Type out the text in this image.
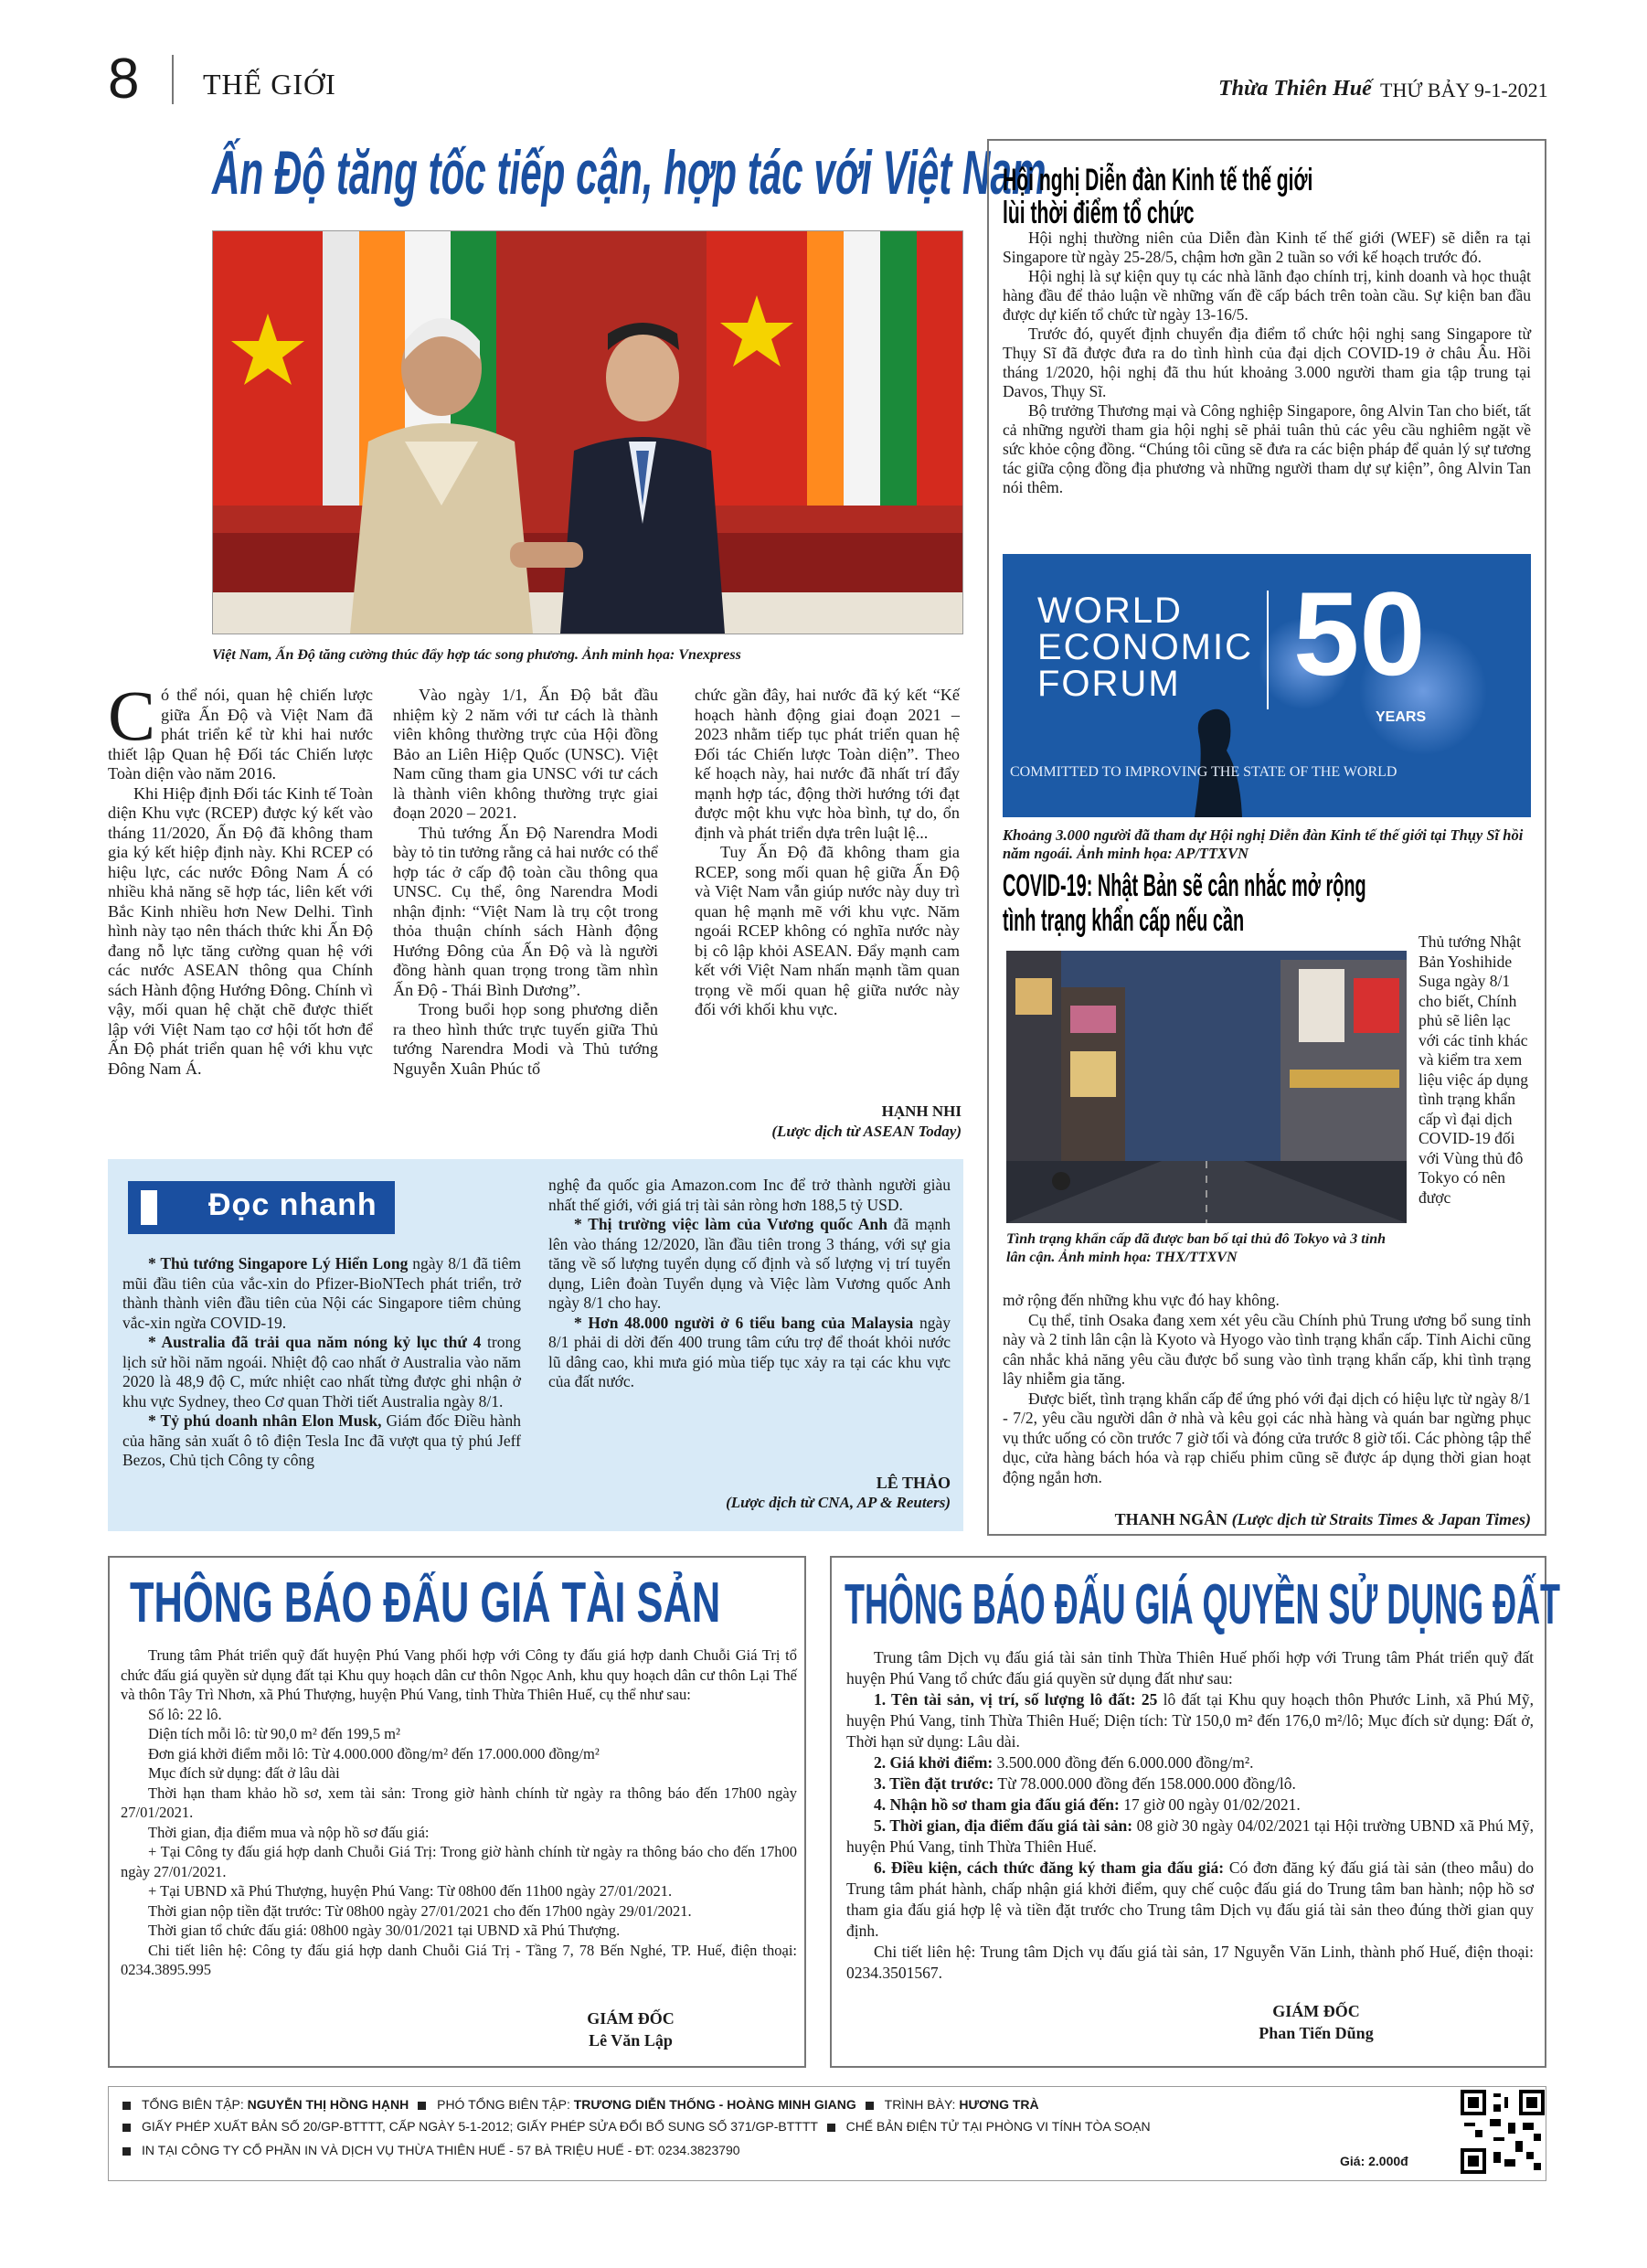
8 THẾ GIỚI	Thừa Thiên Huế THỨ BẢY 9-1-2021
Ấn Độ tăng tốc tiếp cận, hợp tác với Việt Nam
Việt Nam, Ấn Độ tăng cường thúc đẩy hợp tác song phương. Ảnh minh họa: Vnexpress

Có thể nói, quan hệ chiến lược giữa Ấn Độ và Việt Nam đã phát triển kể từ khi hai nước thiết lập Quan hệ Đối tác Chiến lược Toàn diện vào năm 2016.

Khi Hiệp định Đối tác Kinh tế Toàn diện Khu vực (RCEP) được ký kết vào tháng 11/2020, Ấn Độ đã không tham gia ký kết hiệp định này. Khi RCEP có hiệu lực, các nước Đông Nam Á có nhiều khả năng sẽ hợp tác, liên kết với Bắc Kinh nhiều hơn New Delhi. Tình hình này tạo nên thách thức khi Ấn Độ đang nỗ lực tăng cường quan hệ với các nước ASEAN thông qua Chính sách Hành động Hướng Đông. Chính vì vậy, mối quan hệ chặt chẽ được thiết lập với Việt Nam tạo cơ hội tốt hơn để Ấn Độ phát triển quan hệ với khu vực Đông Nam Á.

Vào ngày 1/1, Ấn Độ bắt đầu nhiệm kỳ 2 năm với tư cách là thành viên không thường trực của Hội đồng Bảo an Liên Hiệp Quốc (UNSC). Việt Nam cũng tham gia UNSC với tư cách là thành viên không thường trực giai đoạn 2020 – 2021.

Thủ tướng Ấn Độ Narendra Modi bày tỏ tin tưởng rằng cả hai nước có thể hợp tác ở cấp độ toàn cầu thông qua UNSC. Cụ thể, ông Narendra Modi nhận định: “Việt Nam là trụ cột trong thỏa thuận chính sách Hành động Hướng Đông của Ấn Độ và là người đồng hành quan trọng trong tầm nhìn Ấn Độ - Thái Bình Dương”.

Trong buổi họp song phương diễn ra theo hình thức trực tuyến giữa Thủ tướng Narendra Modi và Thủ tướng Nguyễn Xuân Phúc tổ

chức gần đây, hai nước đã ký kết “Kế hoạch hành động giai đoạn 2021 – 2023 nhằm tiếp tục phát triển quan hệ Đối tác Chiến lược Toàn diện”. Theo kế hoạch này, hai nước đã nhất trí đẩy mạnh hợp tác, động thời hướng tới đạt được một khu vực hòa bình, tự do, ổn định và phát triển dựa trên luật lệ...

Tuy Ấn Độ đã không tham gia RCEP, song mối quan hệ giữa Ấn Độ và Việt Nam vẫn giúp nước này duy trì quan hệ mạnh mẽ với khu vực. Năm ngoái RCEP không có nghĩa nước này bị cô lập khỏi ASEAN. Đẩy mạnh cam kết với Việt Nam nhấn mạnh tầm quan trọng về mối quan hệ giữa nước này đối với khối khu vực.

HẠNH NHI
(Lược dịch từ ASEAN Today)
Đọc nhanh

* Thủ tướng Singapore Lý Hiển Long ngày 8/1 đã tiêm mũi đầu tiên của vắc-xin do Pfizer-BioNTech phát triển, trở thành thành viên đầu tiên của Nội các Singapore tiêm chủng vắc-xin ngừa COVID-19.

* Australia đã trải qua năm nóng kỷ lục thứ 4 trong lịch sử hồi năm ngoái. Nhiệt độ cao nhất ở Australia vào năm 2020 là 48,9 độ C, mức nhiệt cao nhất từng được ghi nhận ở khu vực Sydney, theo Cơ quan Thời tiết Australia ngày 8/1.

* Tỷ phú doanh nhân Elon Musk, Giám đốc Điều hành của hãng sản xuất ô tô điện Tesla Inc đã vượt qua tỷ phú Jeff Bezos, Chủ tịch Công ty công

nghệ đa quốc gia Amazon.com Inc để trở thành người giàu nhất thế giới, với giá trị tài sản ròng hơn 188,5 tỷ USD.

* Thị trường việc làm của Vương quốc Anh đã mạnh lên vào tháng 12/2020, lần đầu tiên trong 3 tháng, với sự gia tăng về số lượng tuyển dụng cố định và số lượng vị trí tuyển dụng, Liên đoàn Tuyển dụng và Việc làm Vương quốc Anh ngày 8/1 cho hay.

* Hơn 48.000 người ở 6 tiểu bang của Malaysia ngày 8/1 phải di dời đến 400 trung tâm cứu trợ để thoát khỏi nước lũ dâng cao, khi mưa gió mùa tiếp tục xảy ra tại các khu vực của đất nước.

LÊ THẢO
(Lược dịch từ CNA, AP & Reuters)
Hội nghị Diễn đàn Kinh tế thế giới
lùi thời điểm tổ chức

Hội nghị thường niên của Diễn đàn Kinh tế thế giới (WEF) sẽ diễn ra tại Singapore từ ngày 25-28/5, chậm hơn gần 2 tuần so với kế hoạch trước đó.

Hội nghị là sự kiện quy tụ các nhà lãnh đạo chính trị, kinh doanh và học thuật hàng đầu để thảo luận về những vấn đề cấp bách trên toàn cầu. Sự kiện ban đầu được dự kiến tổ chức từ ngày 13-16/5.

Trước đó, quyết định chuyển địa điểm tổ chức hội nghị sang Singapore từ Thụy Sĩ đã được đưa ra do tình hình của đại dịch COVID-19 ở châu Âu. Hồi tháng 1/2020, hội nghị đã thu hút khoảng 3.000 người tham gia tập trung tại Davos, Thụy Sĩ.

Bộ trưởng Thương mại và Công nghiệp Singapore, ông Alvin Tan cho biết, tất cả những người tham gia hội nghị sẽ phải tuân thủ các yêu cầu nghiêm ngặt về sức khỏe cộng đồng. “Chúng tôi cũng sẽ đưa ra các biện pháp để quản lý sự tương tác giữa cộng đồng địa phương và những người tham dự sự kiện”, ông Alvin Tan nói thêm.

WORLD
ECONOMIC
FORUM 50
YEARS
COMMITTED TO IMPROVING THE STATE OF THE WORLD
Khoảng 3.000 người đã tham dự Hội nghị Diễn đàn Kinh tế thế giới tại Thụy Sĩ hồi năm ngoái. Ảnh minh họa: AP/TTXVN
COVID-19: Nhật Bản sẽ cân nhắc mở rộng
tình trạng khẩn cấp nếu cần
Tình trạng khẩn cấp đã được ban bố tại thủ đô Tokyo và 3 tỉnh lân cận. Ảnh minh họa: THX/TTXVN
Thủ tướng Nhật Bản Yoshihide Suga ngày 8/1 cho biết, Chính phủ sẽ liên lạc với các tỉnh khác và kiểm tra xem liệu việc áp dụng tình trạng khẩn cấp vì đại dịch COVID-19 đối với Vùng thủ đô Tokyo có nên được

mở rộng đến những khu vực đó hay không.

Cụ thể, tỉnh Osaka đang xem xét yêu cầu Chính phủ Trung ương bổ sung tỉnh này và 2 tỉnh lân cận là Kyoto và Hyogo vào tình trạng khẩn cấp. Tỉnh Aichi cũng cân nhắc khả năng yêu cầu được bổ sung vào tình trạng khẩn cấp, khi tình trạng lây nhiễm gia tăng.

Được biết, tình trạng khẩn cấp để ứng phó với đại dịch có hiệu lực từ ngày 8/1 - 7/2, yêu cầu người dân ở nhà và kêu gọi các nhà hàng và quán bar ngừng phục vụ thức uống có cồn trước 7 giờ tối và đóng cửa trước 8 giờ tối. Các phòng tập thể dục, cửa hàng bách hóa và rạp chiếu phim cũng sẽ được áp dụng thời gian hoạt động ngắn hơn.

THANH NGÂN (Lược dịch từ Straits Times & Japan Times)
THÔNG BÁO ĐẤU GIÁ TÀI SẢN

Trung tâm Phát triển quỹ đất huyện Phú Vang phối hợp với Công ty đấu giá hợp danh Chuỗi Giá Trị tổ chức đấu giá quyền sử dụng đất tại Khu quy hoạch dân cư thôn Ngọc Anh, khu quy hoạch dân cư thôn Lại Thế và thôn Tây Trì Nhơn, xã Phú Thượng, huyện Phú Vang, tỉnh Thừa Thiên Huế, cụ thể như sau:

Số lô: 22 lô.

Diện tích mỗi lô: từ 90,0 m² đến 199,5 m²

Đơn giá khởi điểm mỗi lô: Từ 4.000.000 đồng/m² đến 17.000.000 đồng/m²

Mục đích sử dụng: đất ở lâu dài

Thời hạn tham khảo hồ sơ, xem tài sản: Trong giờ hành chính từ ngày ra thông báo đến 17h00 ngày 27/01/2021.

Thời gian, địa điểm mua và nộp hồ sơ đấu giá:

+ Tại Công ty đấu giá hợp danh Chuỗi Giá Trị: Trong giờ hành chính từ ngày ra thông báo cho đến 17h00 ngày 27/01/2021.

+ Tại UBND xã Phú Thượng, huyện Phú Vang: Từ 08h00 đến 11h00 ngày 27/01/2021.

Thời gian nộp tiền đặt trước: Từ 08h00 ngày 27/01/2021 cho đến 17h00 ngày 29/01/2021.

Thời gian tổ chức đấu giá: 08h00 ngày 30/01/2021 tại UBND xã Phú Thượng.

Chi tiết liên hệ: Công ty đấu giá hợp danh Chuỗi Giá Trị - Tầng 7, 78 Bến Nghé, TP. Huế, điện thoại: 0234.3895.995

GIÁM ĐỐC
Lê Văn Lập
THÔNG BÁO ĐẤU GIÁ QUYỀN SỬ DỤNG ĐẤT

Trung tâm Dịch vụ đấu giá tài sản tỉnh Thừa Thiên Huế phối hợp với Trung tâm Phát triển quỹ đất huyện Phú Vang tổ chức đấu giá quyền sử dụng đất như sau:

1. Tên tài sản, vị trí, số lượng lô đất: 25 lô đất tại Khu quy hoạch thôn Phước Linh, xã Phú Mỹ, huyện Phú Vang, tỉnh Thừa Thiên Huế; Diện tích: Từ 150,0 m² đến 176,0 m²/lô; Mục đích sử dụng: Đất ở, Thời hạn sử dụng: Lâu dài.

2. Giá khởi điểm: 3.500.000 đồng đến 6.000.000 đồng/m².

3. Tiền đặt trước: Từ 78.000.000 đồng đến 158.000.000 đồng/lô.

4. Nhận hồ sơ tham gia đấu giá đến: 17 giờ 00 ngày 01/02/2021.

5. Thời gian, địa điểm đấu giá tài sản: 08 giờ 30 ngày 04/02/2021 tại Hội trường UBND xã Phú Mỹ, huyện Phú Vang, tỉnh Thừa Thiên Huế.

6. Điều kiện, cách thức đăng ký tham gia đấu giá: Có đơn đăng ký đấu giá tài sản (theo mẫu) do Trung tâm phát hành, chấp nhận giá khởi điểm, quy chế cuộc đấu giá do Trung tâm ban hành; nộp hồ sơ tham gia đấu giá hợp lệ và tiền đặt trước cho Trung tâm Dịch vụ đấu giá tài sản theo đúng thời gian quy định.

Chi tiết liên hệ: Trung tâm Dịch vụ đấu giá tài sản, 17 Nguyễn Văn Linh, thành phố Huế, điện thoại: 0234.3501567.

GIÁM ĐỐC
Phan Tiến Dũng
TỔNG BIÊN TẬP: NGUYỄN THỊ HỒNG HẠNH PHÓ TỔNG BIÊN TẬP: TRƯƠNG DIỄN THỐNG - HOÀNG MINH GIANG TRÌNH BÀY: HƯƠNG TRÀ
GIẤY PHÉP XUẤT BẢN SỐ 20/GP-BTTTT, CẤP NGÀY 5-1-2012; GIẤY PHÉP SỬA ĐỔI BỔ SUNG SỐ 371/GP-BTTTT CHẾ BẢN ĐIỆN TỬ TẠI PHÒNG VI TÍNH TÒA SOẠN
IN TẠI CÔNG TY CỔ PHẦN IN VÀ DỊCH VỤ THỪA THIÊN HUẾ - 57 BÀ TRIỆU HUẾ - ĐT: 0234.3823790
Giá: 2.000đ
